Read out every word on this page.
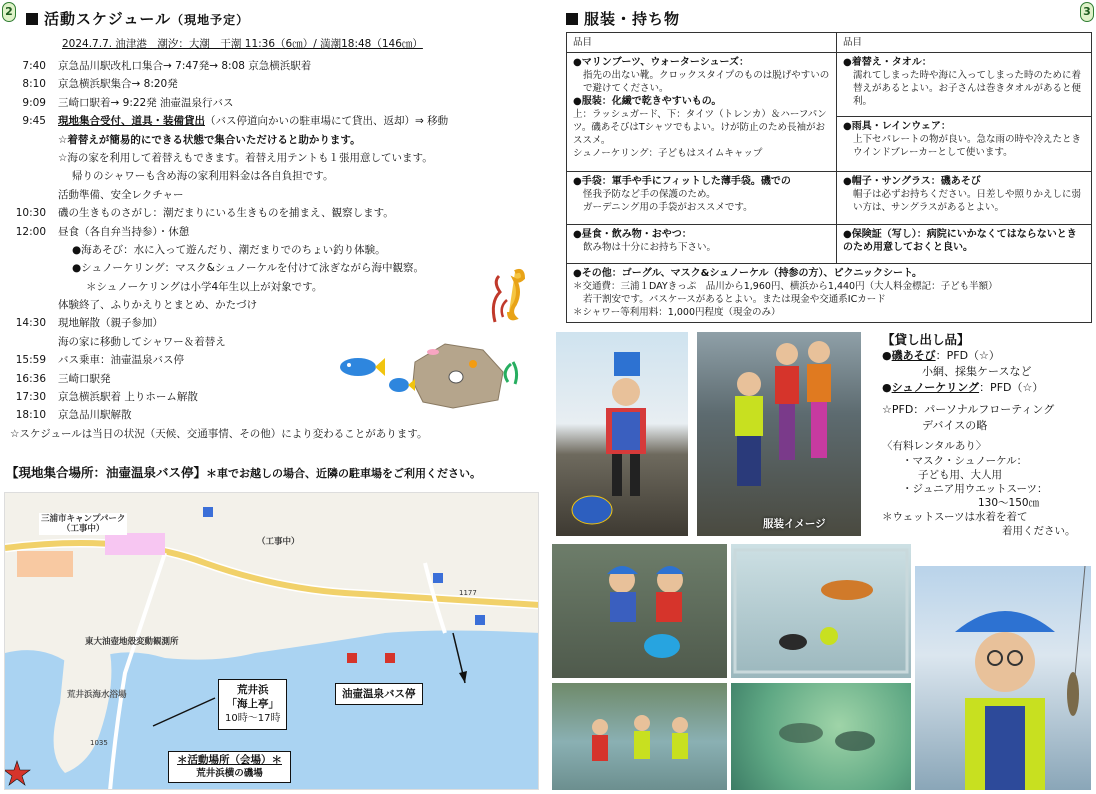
2	3
活動スケジュール（現地予定）
2024.7.7. 油津港　潮汐：大潮　干潮 11:36（6㎝）/ 満潮18:48（146㎝）
7:40 京急品川駅改札口集合→ 7:47発→ 8:08 京急横浜駅着
8:10 京急横浜駅集合→ 8:20発
9:09 三崎口駅着→ 9:22発 油壷温泉行バス
9:45 現地集合受付、道具・装備貸出（バス停道向かいの駐車場にて貸出、返却）⇒ 移動
☆着替えが簡易的にできる状態で集合いただけると助かります。
☆海の家を利用して着替えもできます。着替え用テントも１張用意しています。
帰りのシャワーも含め海の家利用料金は各自負担です。
活動準備、安全レクチャー
10:30 磯の生きものさがし：潮だまりにいる生きものを捕まえ、観察します。
12:00 昼食（各自弁当持参）・休憩
●海あそび：水に入って遊んだり、潮だまりでのちょい釣り体験。
●シュノーケリング：マスク&シュノーケルを付けて泳ぎながら海中観察。
＊シュノーケリングは小学4年生以上が対象です。
体験終了、ふりかえりとまとめ、かたづけ
14:30 現地解散（親子参加）
海の家に移動してシャワー＆着替え
15:59 バス乗車：油壷温泉バス停
16:36 三崎口駅発
17:30 京急横浜駅着 上りホーム解散
18:10 京急品川駅解散
☆スケジュールは当日の状況（天候、交通事情、その他）により変わることがあります。
【現地集合場所：油壷温泉バス停】＊車でお越しの場合、近隣の駐車場をご利用ください。
三浦市キャンプパーク
（工事中）
（工事中）
東大油壺地殻変動観測所
荒井浜海水浴場
1035
1177
油壷温泉バス停
荒井浜
「海上亭」
10時〜17時
＊活動場所（会場）＊
荒井浜横の磯場
服装・持ち物
品目	品目

●マリンブーツ、ウォーターシューズ：

指先の出ない靴。クロックスタイプのものは脱げやすいので避けてください。

●服装：化繊で乾きやすいもの。

上：ラッシュガード、下：タイツ（トレンカ）＆ハーフパンツ。磯あそびはTシャツでもよい。けが防止のため長袖がおススメ。

シュノーケリング：子どもはスイムキャップ

●着替え・タオル：

濡れてしまった時や海に入ってしまった時のために着替えがあるとよい。お子さんは巻きタオルがあると便利。

●雨具・レインウェア：

上下セパレートの物が良い。急な雨の時や冷えたときウインドブレーカーとして使います。

●手袋：軍手や手にフィットした薄手袋。磯での

怪我予防など手の保護のため。

ガーデニング用の手袋がおススメです。

●帽子・サングラス：磯あそび

帽子は必ずお持ちください。日差しや照りかえしに弱い方は、サングラスがあるとよい。

●昼食・飲み物・おやつ：

飲み物は十分にお持ち下さい。

●保険証（写し）：病院にいかなくてはならないときのため用意しておくと良い。

●その他：ゴーグル、マスク&シュノーケル（持参の方）、ピクニックシート。

＊交通費：三浦１DAYきっぷ　品川から1,960円、横浜から1,440円（大人料金標記：子ども半額）

若干割安です。バスケースがあるとよい。または現金や交通系ICカード

＊シャワー等利用料：1,000円程度（現金のみ）

服装イメージ
【貸し出し品】
●磯あそび：PFD（☆）
小網、採集ケースなど
●シュノーケリング：PFD（☆）
☆PFD：パーソナルフローティング
デバイスの略
〈有料レンタルあり〉
・マスク・シュノーケル：
子ども用、大人用
・ジュニア用ウエットスーツ：
130〜150㎝
＊ウェットスーツは水着を着て
着用ください。
